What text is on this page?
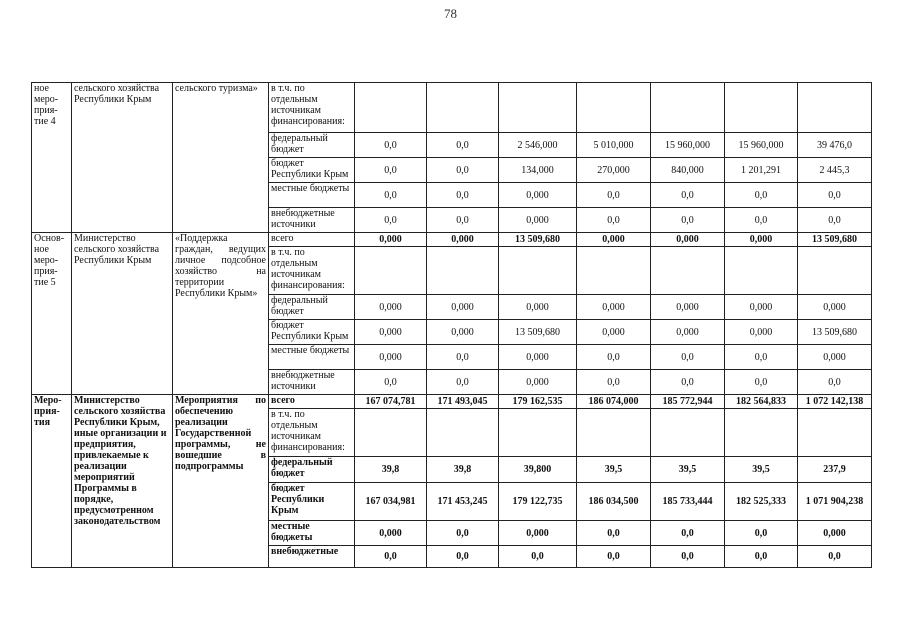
78
ное меро-прия-тие 4	сельского хозяйства Республики Крым	сельского туризма»	в т.ч. по отдельным источникам финансирования:							
			федеральный бюджет	0,0	0,0	2 546,000	5 010,000	15 960,000	15 960,000	39 476,0
			бюджет Республики Крым	0,0	0,0	134,000	270,000	840,000	1 201,291	2 445,3
			местные бюджеты	0,0	0,0	0,000	0,0	0,0	0,0	0,0
			внебюджетные источники	0,0	0,0	0,000	0,0	0,0	0,0	0,0
Основ-ное меро-прия-тие 5	Министерство сельского хозяйства Республики Крым	«Поддержка граждан, ведущих личное подсобное хозяйство на территории Республики Крым»	всего	0,000	0,000	13 509,680	0,000	0,000	0,000	13 509,680
			в т.ч. по отдельным источникам финансирования:							
			федеральный бюджет	0,000	0,000	0,000	0,000	0,000	0,000	0,000
			бюджет Республики Крым	0,000	0,000	13 509,680	0,000	0,000	0,000	13 509,680
			местные бюджеты	0,000	0,0	0,000	0,0	0,0	0,0	0,000
			внебюджетные источники	0,0	0,0	0,000	0,0	0,0	0,0	0,0
Меро-прия-тия	Министерство сельского хозяйства Республики Крым, иные организации и предприятия, привлекаемые к реализации мероприятий Программы в порядке, предусмотренном законодательством	Мероприятия по обеспечению реализации Государственной программы, не вошедшие в подпрограммы	всего	167 074,781	171 493,045	179 162,535	186 074,000	185 772,944	182 564,833	1 072 142,138
			в т.ч. по отдельным источникам финансирования:							
			федеральный бюджет	39,8	39,8	39,800	39,5	39,5	39,5	237,9
			бюджет Республики Крым	167 034,981	171 453,245	179 122,735	186 034,500	185 733,444	182 525,333	1 071 904,238
			местные бюджеты	0,000	0,0	0,000	0,0	0,0	0,0	0,000
			внебюджетные	0,0	0,0	0,0	0,0	0,0	0,0	0,0
